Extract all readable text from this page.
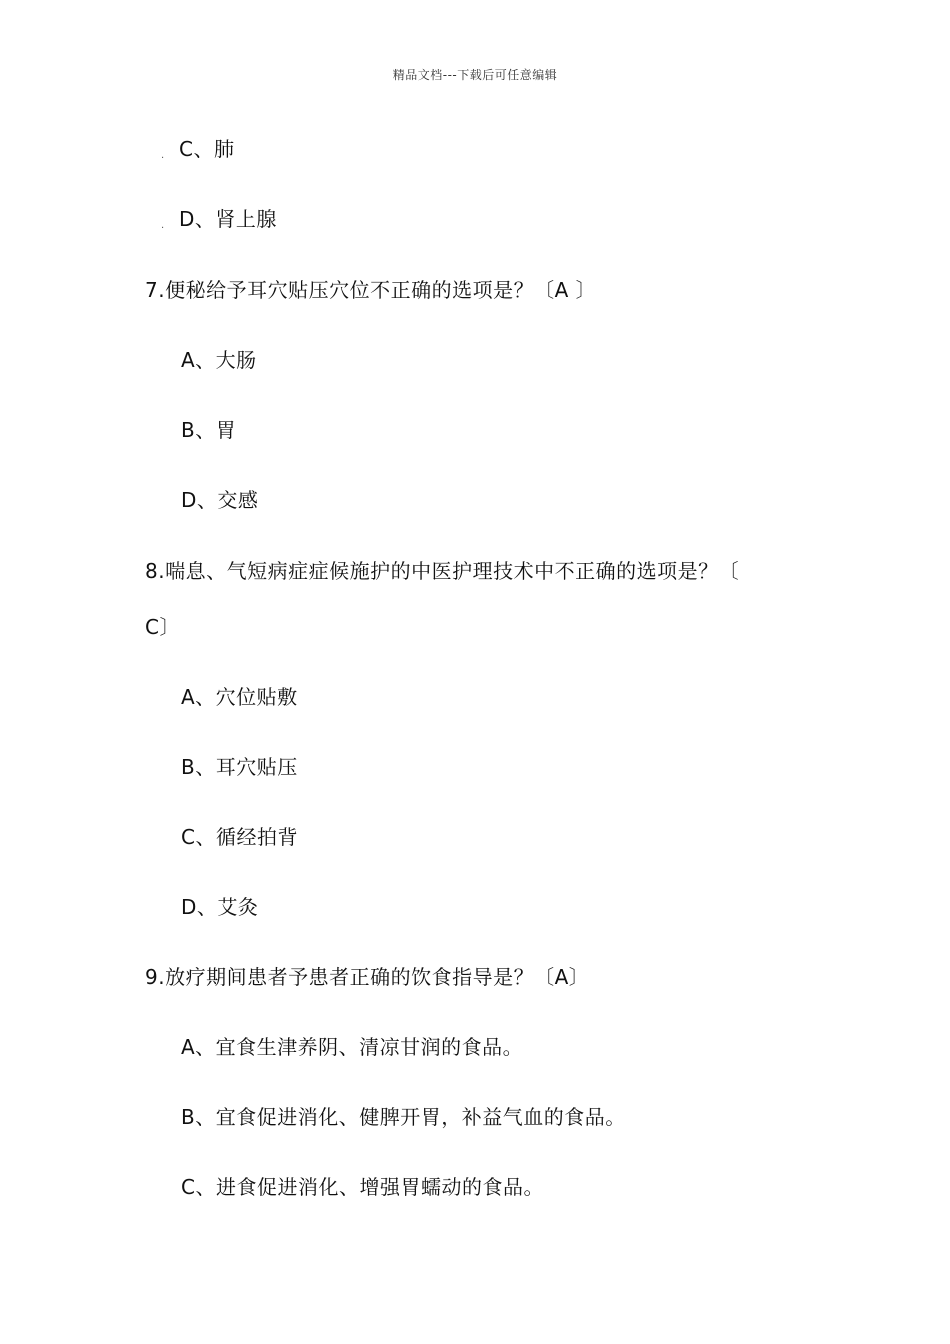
精品文档---下载后可任意编辑
. C、肺
. D、肾上腺
7.便秘给予耳穴贴压穴位不正确的选项是？〔A 〕
A、大肠
B、胃
D、交感
8.喘息、气短病症症候施护的中医护理技术中不正确的选项是？〔
C〕
A、穴位贴敷
B、耳穴贴压
C、循经拍背
D、艾灸
9.放疗期间患者予患者正确的饮食指导是？〔A〕
A、宜食生津养阴、清凉甘润的食品。
B、宜食促进消化、健脾开胃，补益气血的食品。
C、进食促进消化、增强胃蠕动的食品。
